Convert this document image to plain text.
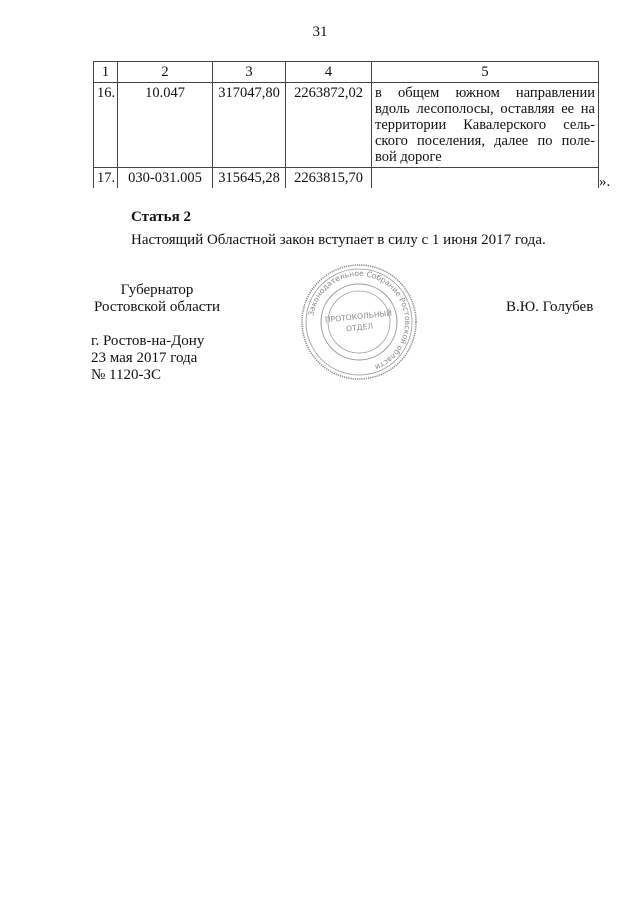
31
1	2	3	4	5
16.	10.047	317047,80	2263872,02	в общем южном направлении
вдоль лесополосы, оставляя ее на
территории Кавалерского сель-
ского поселения, далее по поле-
вой дороге

17.	030-031.005	315645,28	2263815,70		».
Статья 2
Настоящий Областной закон вступает в силу с 1 июня 2017 года.
Губернатор
Ростовской области	В.Ю. Голубев
г. Ростов-на-Дону
23 мая 2017 года
№ 1120-ЗС
Законодательное Собрание Ростовской области
ПРОТОКОЛЬНЫЙ
ОТДЕЛ
